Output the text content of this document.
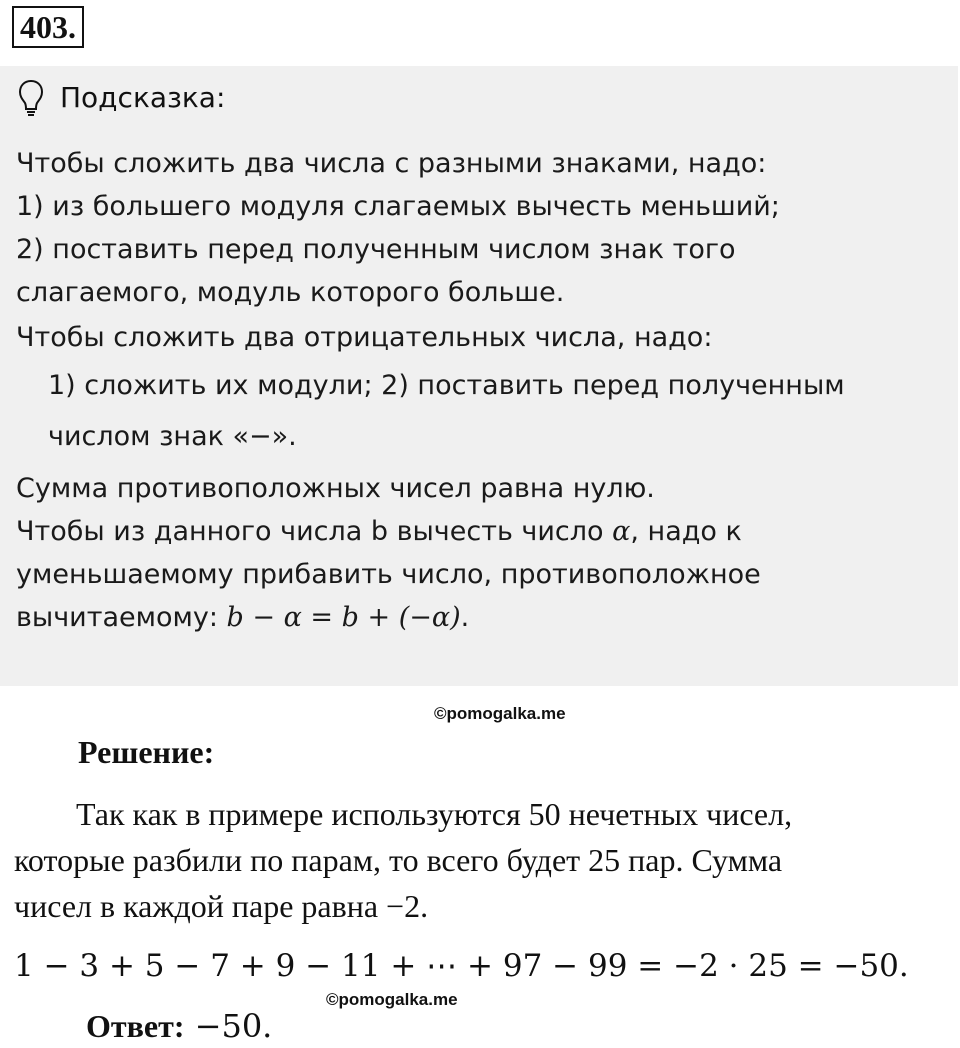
403.
Подсказка:
Чтобы сложить два числа с разными знаками, надо:
1) из большего модуля слагаемых вычесть меньший;
2) поставить перед полученным числом знак того
слагаемого, модуль которого больше.
Чтобы сложить два отрицательных числа, надо:
1) сложить их модули; 2) поставить перед полученным
числом знак «−».
Сумма противоположных чисел равна нулю.
Чтобы из данного числа b вычесть число α, надо к
уменьшаемому прибавить число, противоположное
вычитаемому: b − α = b + (−α).
©pomogalka.me
Решение:
Так как в примере используются 50 нечетных чисел,
которые разбили по парам, то всего будет 25 пар. Сумма
чисел в каждой паре равна −2.
1 − 3 + 5 − 7 + 9 − 11 + ⋯ + 97 − 99 = −2 · 25 = −50.
©pomogalka.me
Ответ: −50.
